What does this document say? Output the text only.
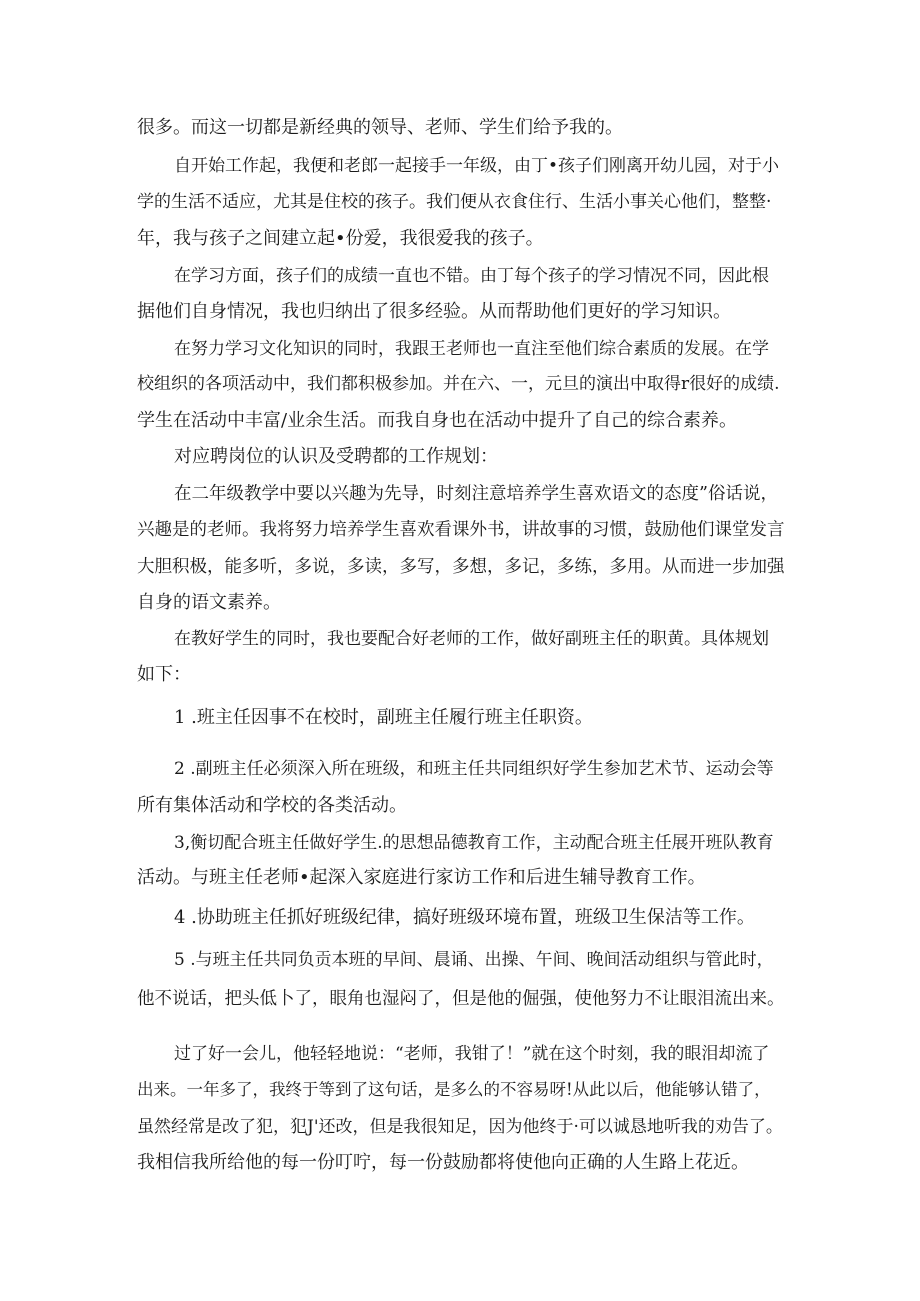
很多。而这一切都是新经典的领导、老师、学生们给予我的。

自开始工作起，我便和老郎一起接手一年级，由丁•孩子们刚离开幼儿园，对于小

学的生活不适应，尤其是住校的孩子。我们便从衣食住行、生活小事关心他们，整整·

年，我与孩子之间建立起•份爱，我很爱我的孩子。

在学习方面，孩子们的成绩一直也不错。由丁每个孩子的学习情况不同，因此根

据他们自身情况，我也归纳出了很多经验。从而帮助他们更好的学习知识。

在努力学习文化知识的同时，我跟王老师也一直注至他们综合素质的发展。在学

校组织的各项活动中，我们都积极参加。并在六、一，元旦的演出中取得r很好的成绩.

学生在活动中丰富/业余生活。而我自身也在活动中提升了自己的综合素养。

对应聘岗位的认识及受聘都的工作规划：

在二年级教学中要以兴趣为先导，时刻注意培养学生喜欢语文的态度”俗话说，

兴趣是的老师。我将努力培养学生喜欢看课外书，讲故事的习惯，鼓励他们课堂发言

大胆积极，能多听，多说，多读，多写，多想，多记，多练，多用。从而进一步加强

自身的语文素养。

在教好学生的同时，我也要配合好老师的工作，做好副班主任的职黄。具体规划

如下：

1 .班主任因事不在校时，副班主任履行班主任职资。

2 .副班主任必须深入所在班级，和班主任共同组织好学生参加艺术节、运动会等

所有集体活动和学校的各类活动。

3,衡切配合班主任做好学生.的思想品德教育工作，主动配合班主任展开班队教育

活动。与班主任老师•起深入家庭进行家访工作和后进生辅导教育工作。

4 .协助班主任抓好班级纪律，搞好班级环境布置，班级卫生保洁等工作。

5 .与班主任共同负贡本班的早间、晨诵、出操、午间、晚间活动组织与管此时，

他不说话，把头低卜了，眼角也湿闷了，但是他的倔强，使他努力不让眼泪流出来。

过了好一会儿，他轻轻地说：“老师，我钳了！”就在这个时刻，我的眼泪却流了

出来。一年多了，我终于等到了这句话，是多么的不容易呀!从此以后，他能够认错了，

虽然经常是改了犯，犯J'还改，但是我很知足，因为他终于·可以诚恳地听我的劝告了。

我相信我所给他的每一份叮咛，每一份鼓励都将使他向正确的人生路上花近。
